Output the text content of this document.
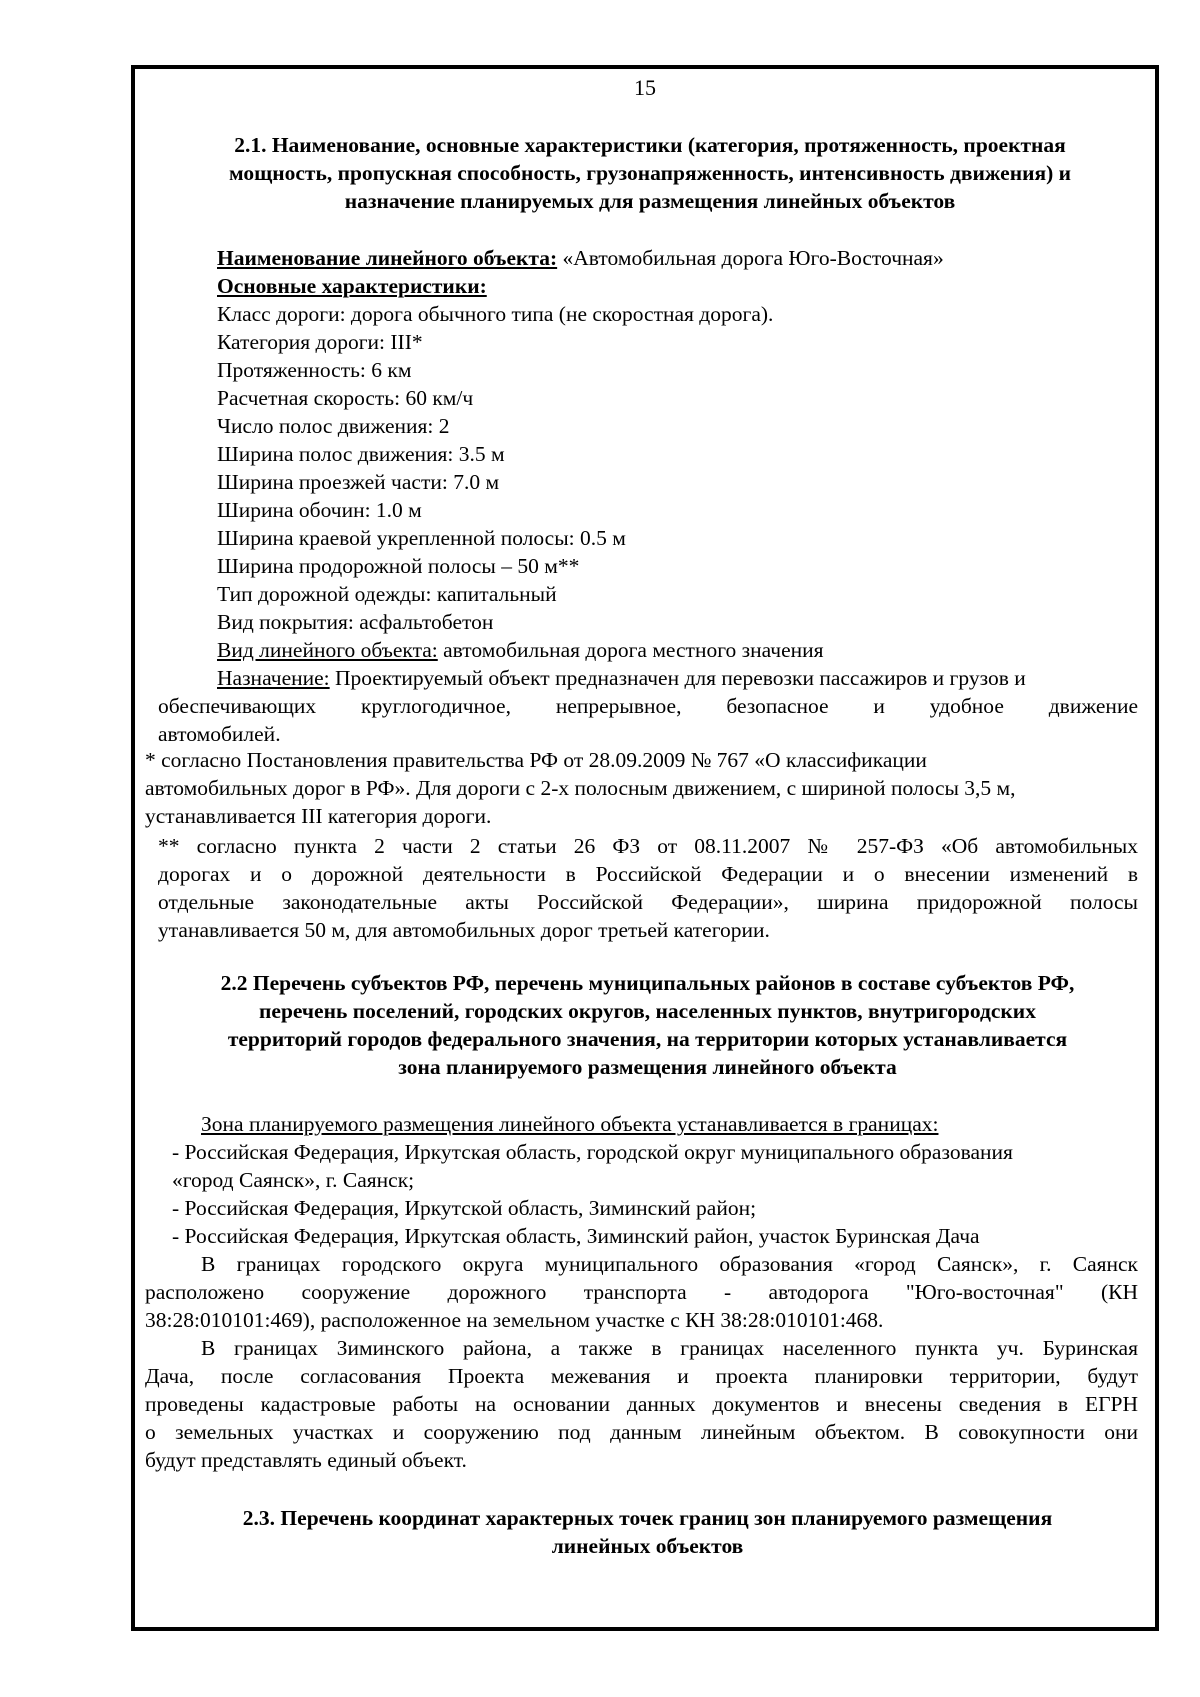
15
2.1. Наименование, основные характеристики (категория, протяженность, проектная
мощность, пропускная способность, грузонапряженность, интенсивность движения) и
назначение планируемых для размещения линейных объектов
Наименование линейного объекта: «Автомобильная дорога Юго-Восточная»
Основные характеристики:
Класс дороги: дорога обычного типа (не скоростная дорога).
Категория дороги: III*
Протяженность: 6 км
Расчетная скорость: 60 км/ч
Число полос движения: 2
Ширина полос движения: 3.5 м
Ширина проезжей части: 7.0 м
Ширина обочин: 1.0 м
Ширина краевой укрепленной полосы: 0.5 м
Ширина продорожной полосы – 50 м**
Тип дорожной одежды: капитальный
Вид покрытия: асфальтобетон
Вид линейного объекта: автомобильная дорога местного значения
Назначение: Проектируемый объект предназначен для перевозки пассажиров и грузов и
обеспечивающих круглогодичное, непрерывное, безопасное и удобное движение
автомобилей.
* согласно Постановления правительства РФ от 28.09.2009 № 767 «О классификации
автомобильных дорог в РФ». Для дороги с 2-х полосным движением, с шириной полосы 3,5 м,
устанавливается III категория дороги.
** согласно пункта 2 части 2 статьи 26 ФЗ от 08.11.2007 № 257-ФЗ «Об автомобильных
дорогах и о дорожной деятельности в Российской Федерации и о внесении изменений в
отдельные законодательные акты Российской Федерации», ширина придорожной полосы
утанавливается 50 м, для автомобильных дорог третьей категории.
2.2 Перечень субъектов РФ, перечень муниципальных районов в составе субъектов РФ,
перечень поселений, городских округов, населенных пунктов, внутригородских
территорий городов федерального значения, на территории которых устанавливается
зона планируемого размещения линейного объекта
Зона планируемого размещения линейного объекта устанавливается в границах:
- Российская Федерация, Иркутская область, городской округ муниципального образования
«город Саянск», г. Саянск;
- Российская Федерация, Иркутской область, Зиминский район;
- Российская Федерация, Иркутская область, Зиминский район, участок Буринская Дача
В границах городского округа муниципального образования «город Саянск», г. Саянск
расположено сооружение дорожного транспорта - автодорога "Юго-восточная" (КН
38:28:010101:469), расположенное на земельном участке с КН 38:28:010101:468.
В границах Зиминского района, а также в границах населенного пункта уч. Буринская
Дача, после согласования Проекта межевания и проекта планировки территории, будут
проведены кадастровые работы на основании данных документов и внесены сведения в ЕГРН
о земельных участках и сооружению под данным линейным объектом. В совокупности они
будут представлять единый объект.
2.3. Перечень координат характерных точек границ зон планируемого размещения
линейных объектов
